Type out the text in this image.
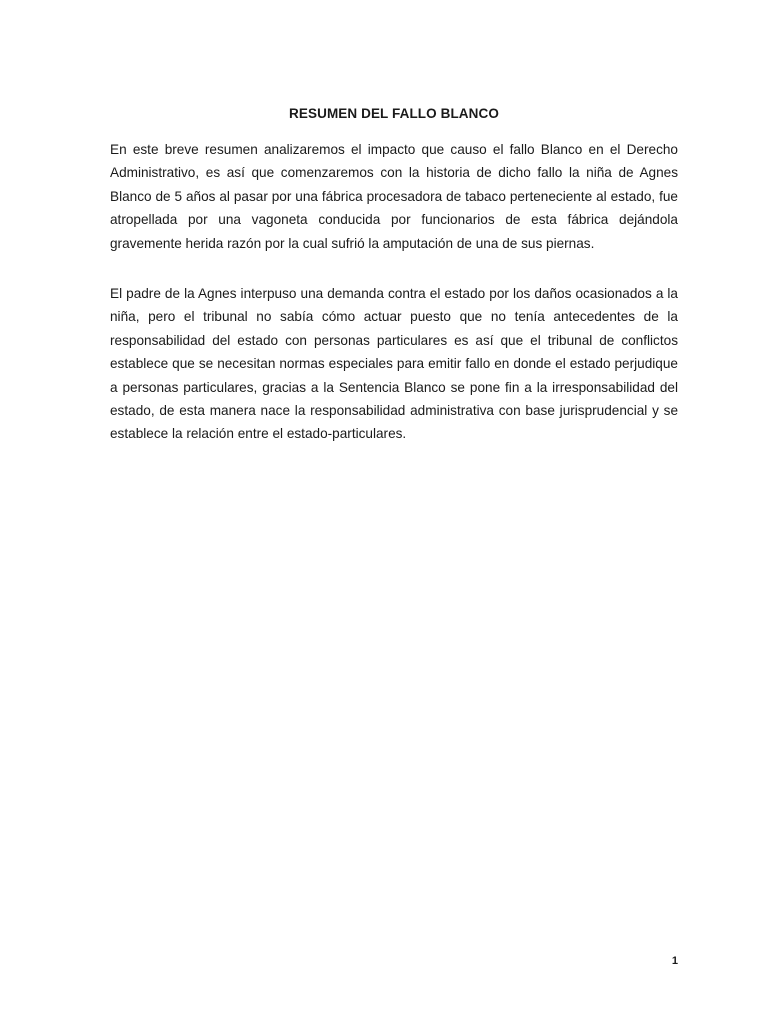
RESUMEN DEL FALLO BLANCO

En este breve resumen analizaremos el impacto que causo el fallo Blanco en el Derecho Administrativo, es así que comenzaremos con la historia de dicho fallo la niña de Agnes Blanco de 5 años al pasar por una fábrica procesadora de tabaco perteneciente al estado, fue atropellada por una vagoneta conducida por funcionarios de esta fábrica dejándola gravemente herida razón por la cual sufrió la amputación de una de sus piernas.

El padre de la Agnes interpuso una demanda contra el estado por los daños ocasionados a la niña, pero el tribunal no sabía cómo actuar puesto que no tenía antecedentes de la responsabilidad del estado con personas particulares es así que el tribunal de conflictos establece que se necesitan normas especiales para emitir fallo en donde el estado perjudique a personas particulares, gracias a la Sentencia Blanco se pone fin a la irresponsabilidad del estado, de esta manera nace la responsabilidad administrativa con base jurisprudencial y se establece la relación entre el estado-particulares.

1
